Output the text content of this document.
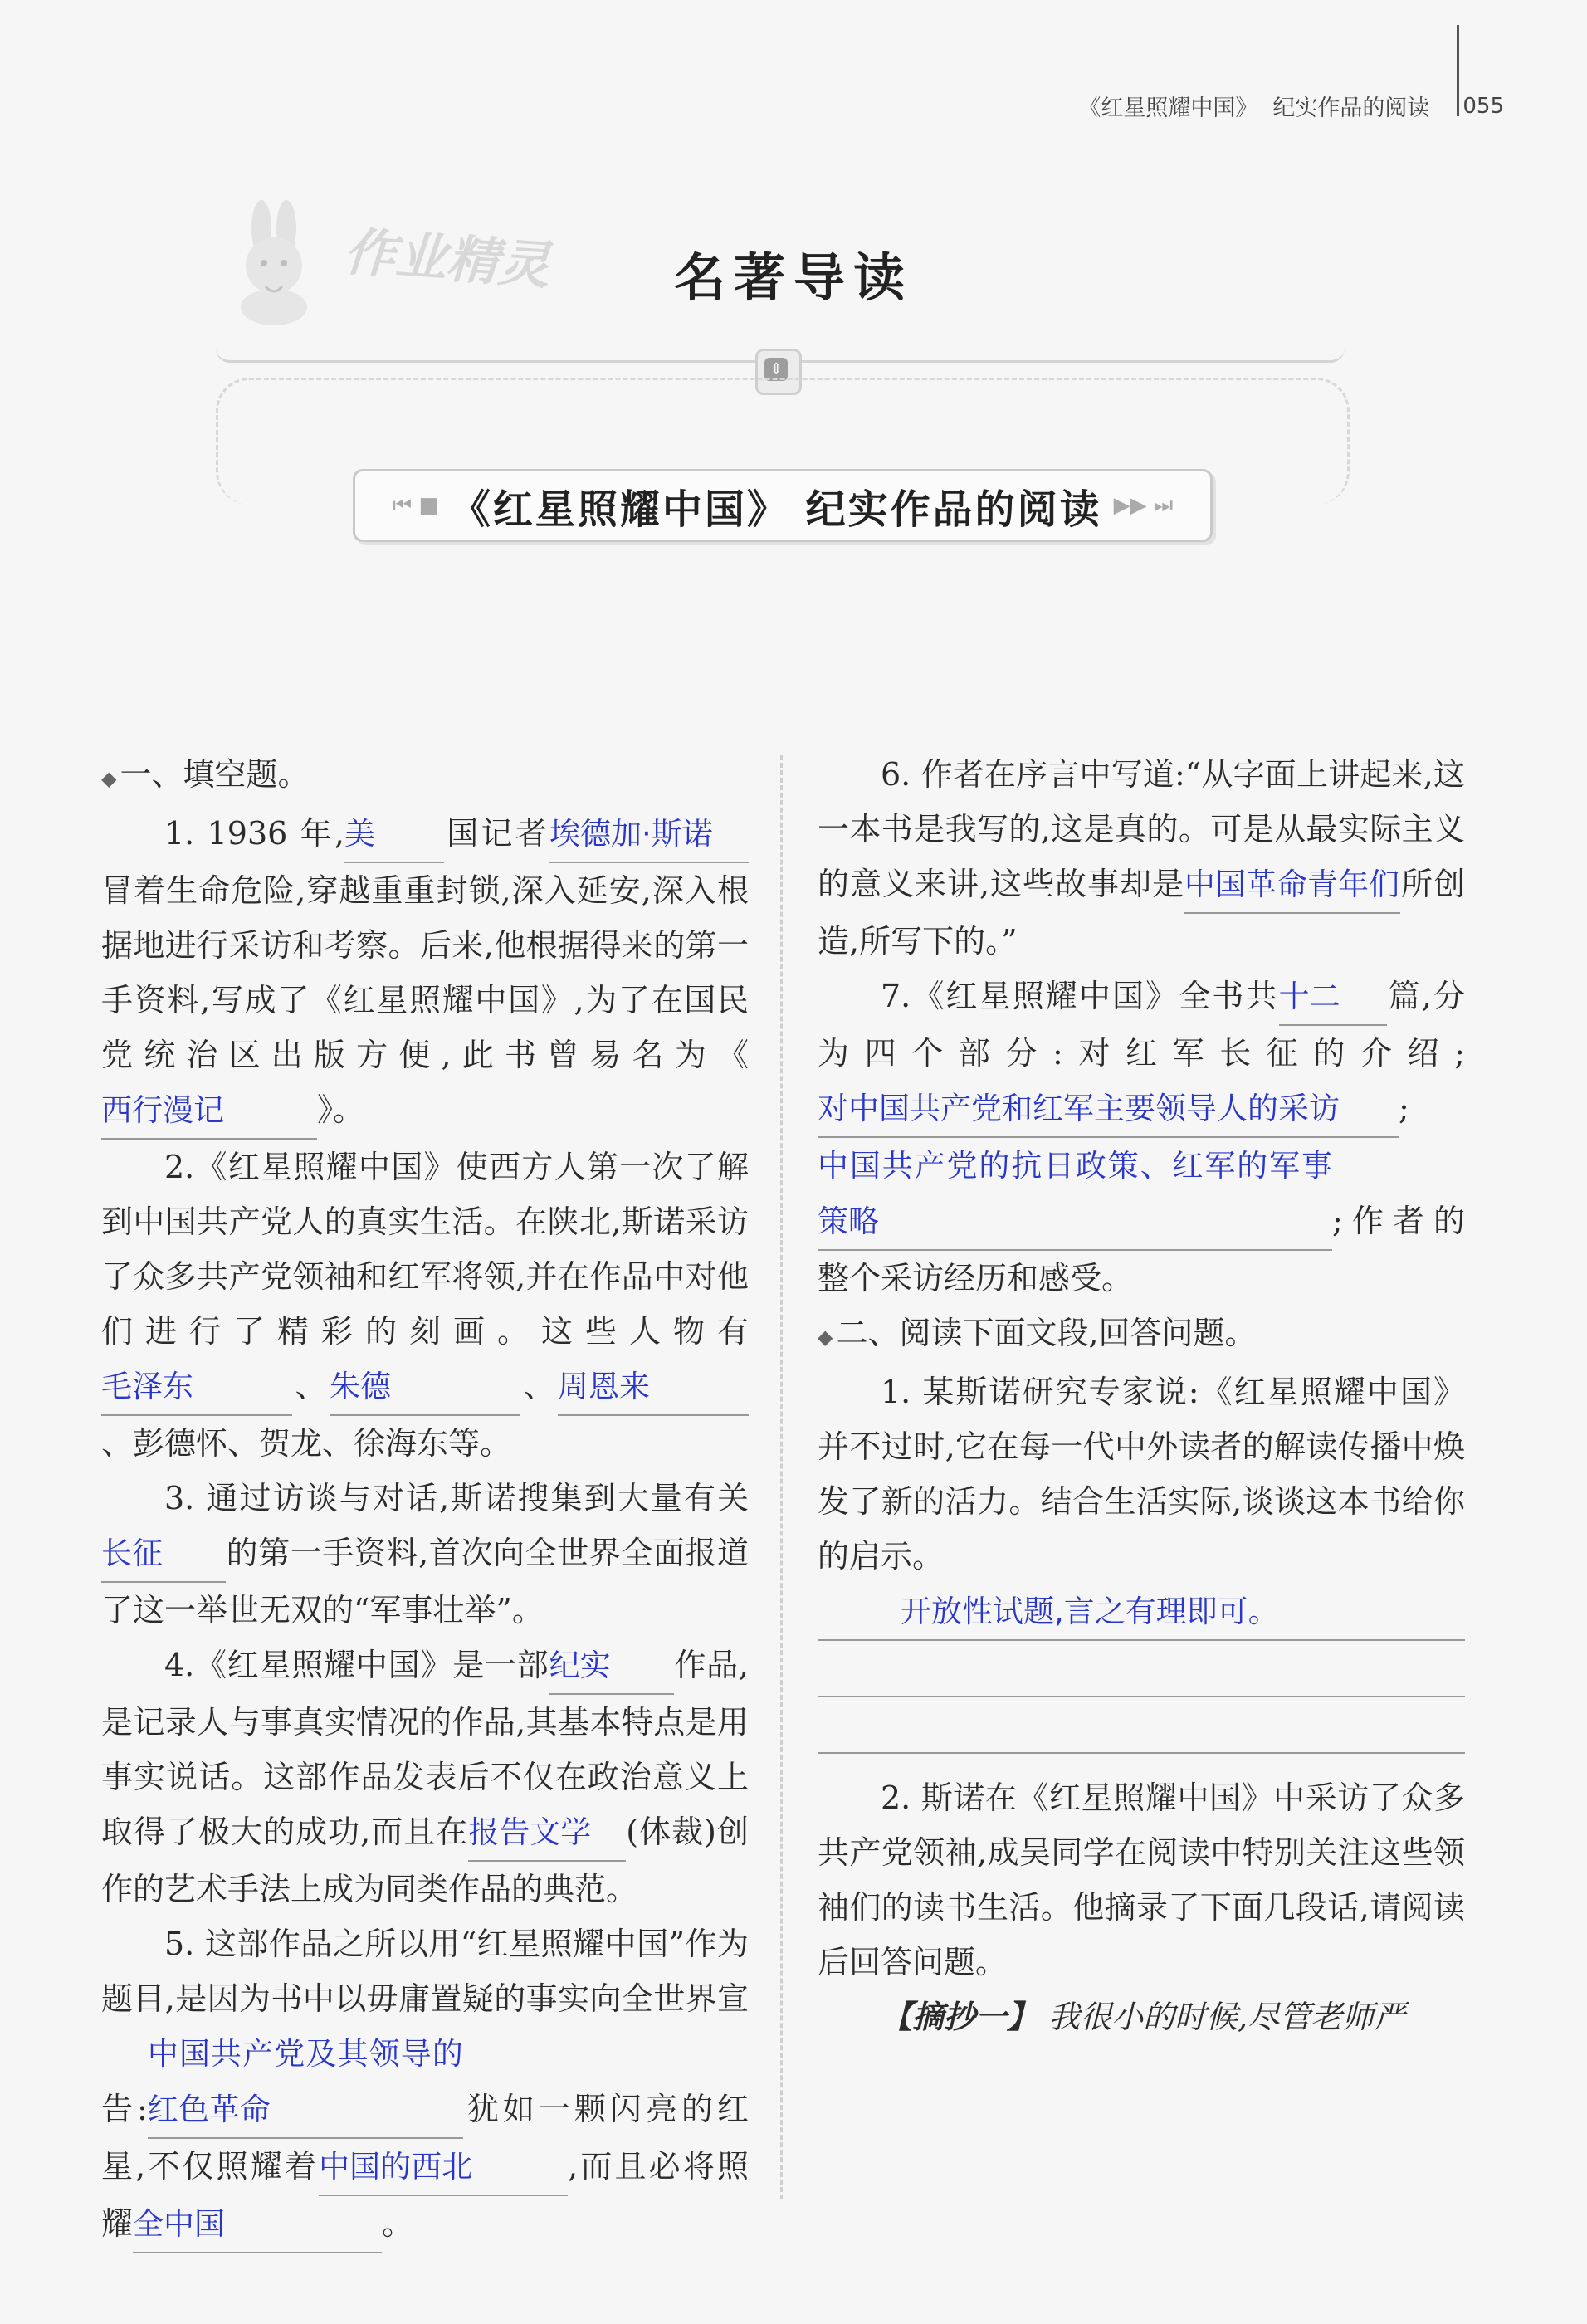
《红星照耀中国》 纪实作品的阅读 055
作业精灵	名著导读
⇕
⏮ ■ 《红星照耀中国》 纪实作品的阅读 ▶▶ ⏭

◆ 一、填空题。

1. 1936 年,美 国记者埃德加·斯诺冒着生命危险,穿越重重封锁,深入延安,深入根据地进行采访和考察。后来,他根据得来的第一手资料,写成了《红星照耀中国》,为了在国民党统治区出版方便,此书曾易名为《西行漫记	》。

2.《红星照耀中国》使西方人第一次了解到中国共产党人的真实生活。在陕北,斯诺采访了众多共产党领袖和红军将领,并在作品中对他们进行了精彩的刻画。这些人物有毛泽东	、朱德	、周恩来、彭德怀、贺龙、徐海东等。

3. 通过访谈与对话,斯诺搜集到大量有关长征 的第一手资料,首次向全世界全面报道了这一举世无双的“军事壮举”。

4.《红星照耀中国》是一部纪实 作品,是记录人与事真实情况的作品,其基本特点是用事实说话。这部作品发表后不仅在政治意义上取得了极大的成功,而且在报告文学 (体裁)创作的艺术手法上成为同类作品的典范。

5. 这部作品之所以用“红星照耀中国”作为题目,是因为书中以毋庸置疑的事实向全世界宣告:中国共产党及其领导的红色革命	犹如一颗闪亮的红星,不仅照耀着中国的西北	,而且必将照耀全中国	。

6. 作者在序言中写道:“从字面上讲起来,这一本书是我写的,这是真的。可是从最实际主义的意义来讲,这些故事却是中国革命青年们所创造,所写下的。”

7.《红星照耀中国》全书共十二 篇,分为四个部分:对红军长征的介绍;对中国共产党和红军主要领导人的采访 ;中国共产党的抗日政策、红军的军事策略	;作者的整个采访经历和感受。

◆ 二、阅读下面文段,回答问题。

1. 某斯诺研究专家说:《红星照耀中国》并不过时,它在每一代中外读者的解读传播中焕发了新的活力。结合生活实际,谈谈这本书给你的启示。

开放性试题,言之有理即可。

2. 斯诺在《红星照耀中国》中采访了众多共产党领袖,成吴同学在阅读中特别关注这些领袖们的读书生活。他摘录了下面几段话,请阅读后回答问题。

【摘抄一】 我很小的时候,尽管老师严
